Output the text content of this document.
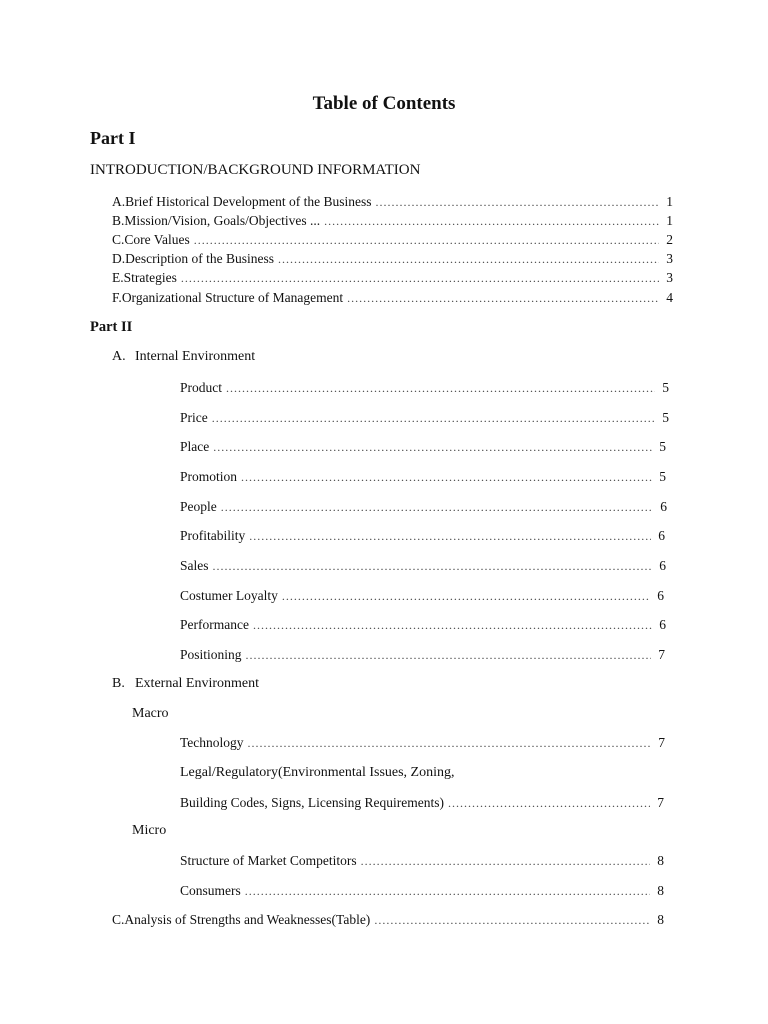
Table of Contents
Part I
INTRODUCTION/BACKGROUND INFORMATION
A. Brief Historical Development of the Business .....	1
B. Mission/Vision, Goals/Objectives ... .....	1
C. Core Values .....	2
D. Description of the Business .....	3
E. Strategies .....	3
F. Organizational Structure of Management .....	4
Part II
A. Internal Environment
Product .....	5
Price .....	5
Place .....	5
Promotion .....	5
People .....	6
Profitability .....	6
Sales .....	6
Costumer Loyalty .....	6
Performance .....	6
Positioning .....	7
B. External Environment
Macro
Technology .....	7
Legal/Regulatory(Environmental Issues, Zoning,
Building Codes, Signs, Licensing Requirements) .....	7
Micro
Structure of Market Competitors .....	8
Consumers .....	8
C. Analysis of Strengths and Weaknesses(Table) .....	8
